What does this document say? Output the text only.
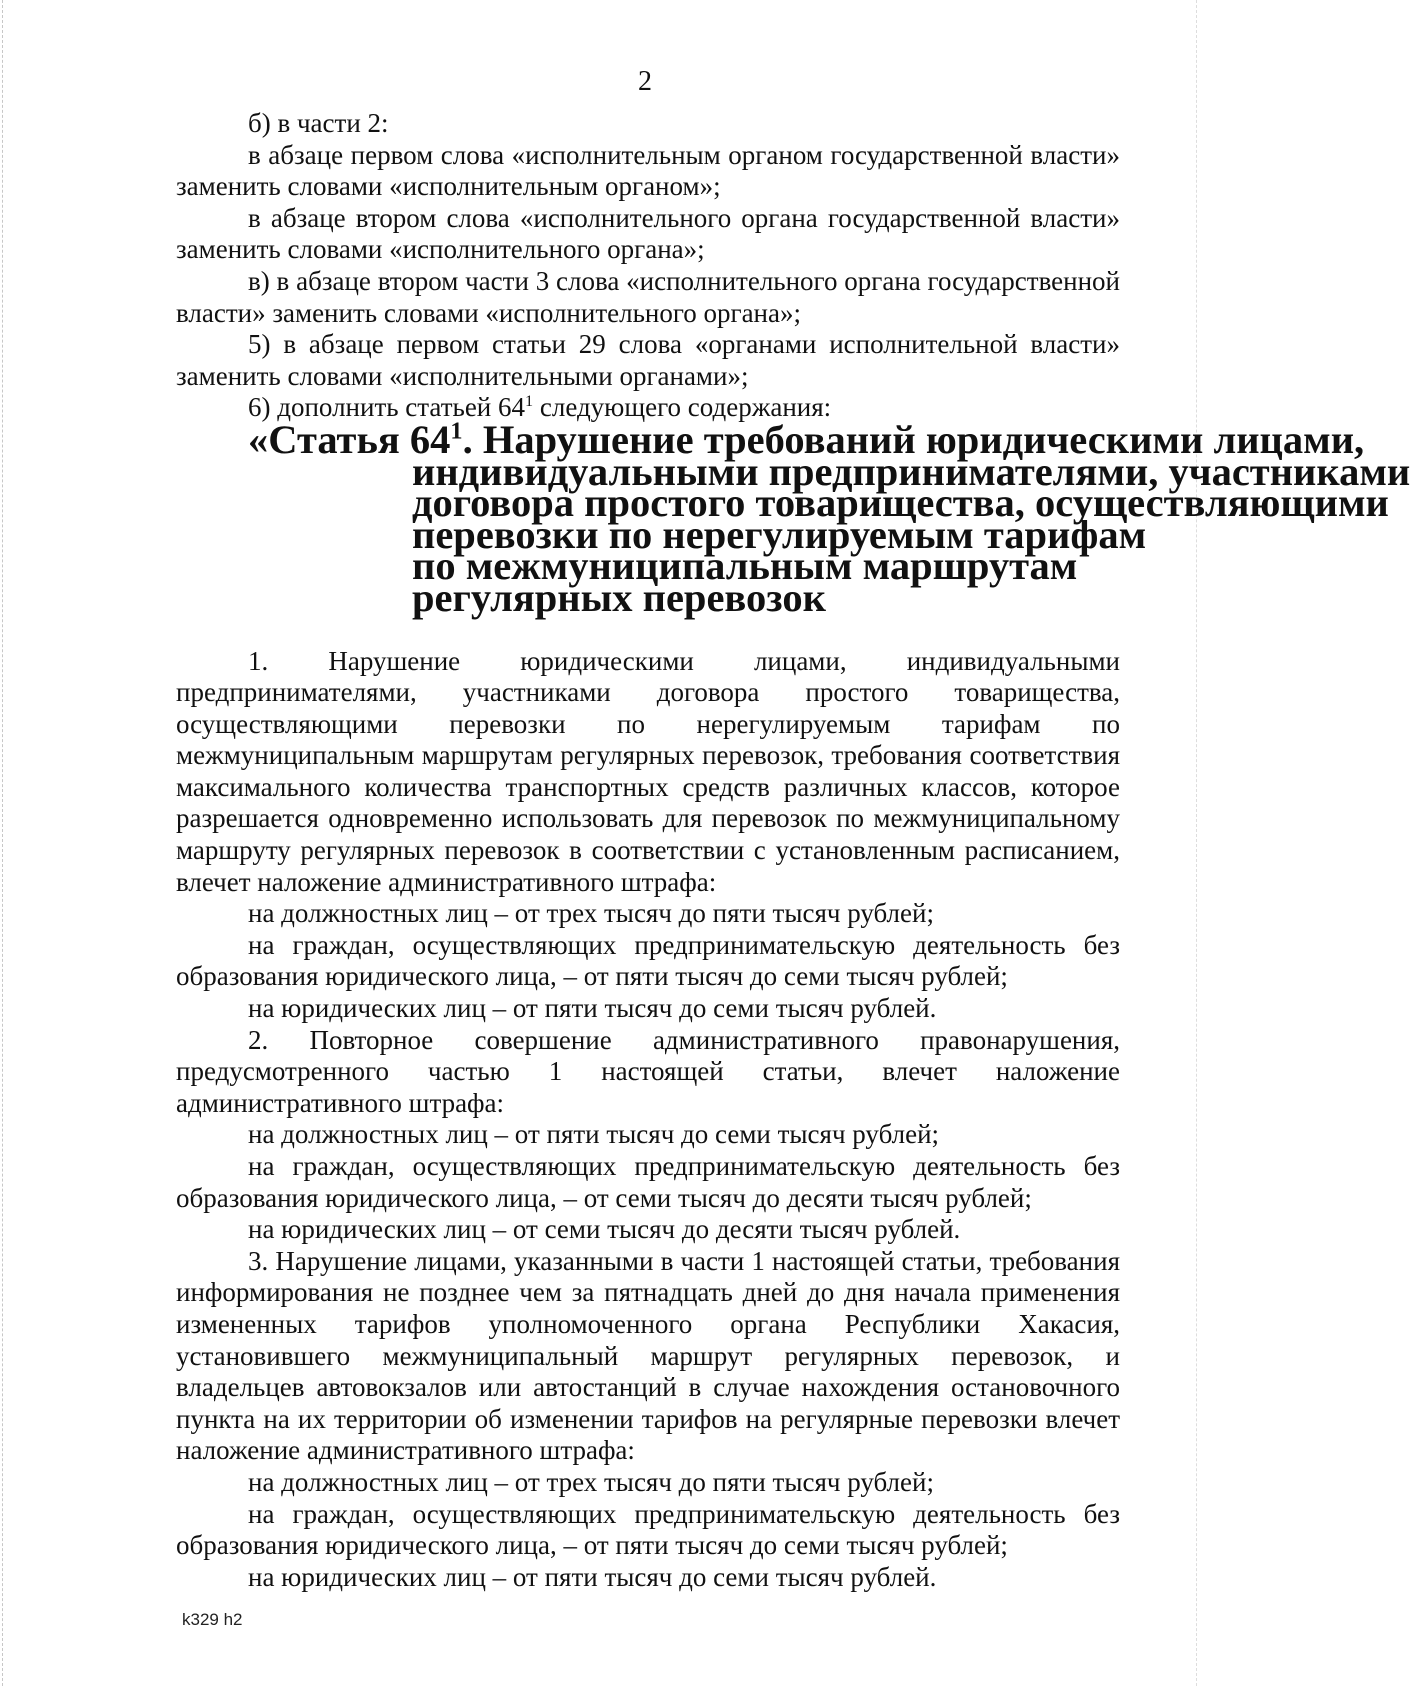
2

б) в части 2:

в абзаце первом слова «исполнительным органом государственной власти» заменить словами «исполнительным органом»;

в абзаце втором слова «исполнительного органа государственной власти» заменить словами «исполнительного органа»;

в) в абзаце втором части 3 слова «исполнительного органа государственной власти» заменить словами «исполнительного органа»;

5) в абзаце первом статьи 29 слова «органами исполнительной власти» заменить словами «исполнительными органами»;

6) дополнить статьей $64^1$ следующего содержания:

«Статья $64^1$. Нарушение требований юридическими лицами,

индивидуальными предпринимателями, участниками
договора простого товарищества, осуществляющими
перевозки по нерегулируемым тарифам
по межмуниципальным маршрутам
регулярных перевозок

1. Нарушение юридическими лицами, индивидуальными предпринимателями, участниками договора простого товарищества, осуществляющими перевозки по нерегулируемым тарифам по межмуниципальным маршрутам регулярных перевозок, требования соответствия максимального количества транспортных средств различных классов, которое разрешается одновременно использовать для перевозок по межмуниципальному маршруту регулярных перевозок в соответствии с установленным расписанием, влечет наложение административного штрафа:

на должностных лиц – от трех тысяч до пяти тысяч рублей;

на граждан, осуществляющих предпринимательскую деятельность без образования юридического лица, – от пяти тысяч до семи тысяч рублей;

на юридических лиц – от пяти тысяч до семи тысяч рублей.

2. Повторное совершение административного правонарушения, предусмотренного частью 1 настоящей статьи, влечет наложение административного штрафа:

на должностных лиц – от пяти тысяч до семи тысяч рублей;

на граждан, осуществляющих предпринимательскую деятельность без образования юридического лица, – от семи тысяч до десяти тысяч рублей;

на юридических лиц – от семи тысяч до десяти тысяч рублей.

3. Нарушение лицами, указанными в части 1 настоящей статьи, требования информирования не позднее чем за пятнадцать дней до дня начала применения измененных тарифов уполномоченного органа Республики Хакасия, установившего межмуниципальный маршрут регулярных перевозок, и владельцев автовокзалов или автостанций в случае нахождения остановочного пункта на их территории об изменении тарифов на регулярные перевозки влечет наложение административного штрафа:

на должностных лиц – от трех тысяч до пяти тысяч рублей;

на граждан, осуществляющих предпринимательскую деятельность без образования юридического лица, – от пяти тысяч до семи тысяч рублей;

на юридических лиц – от пяти тысяч до семи тысяч рублей.

k329 h2
